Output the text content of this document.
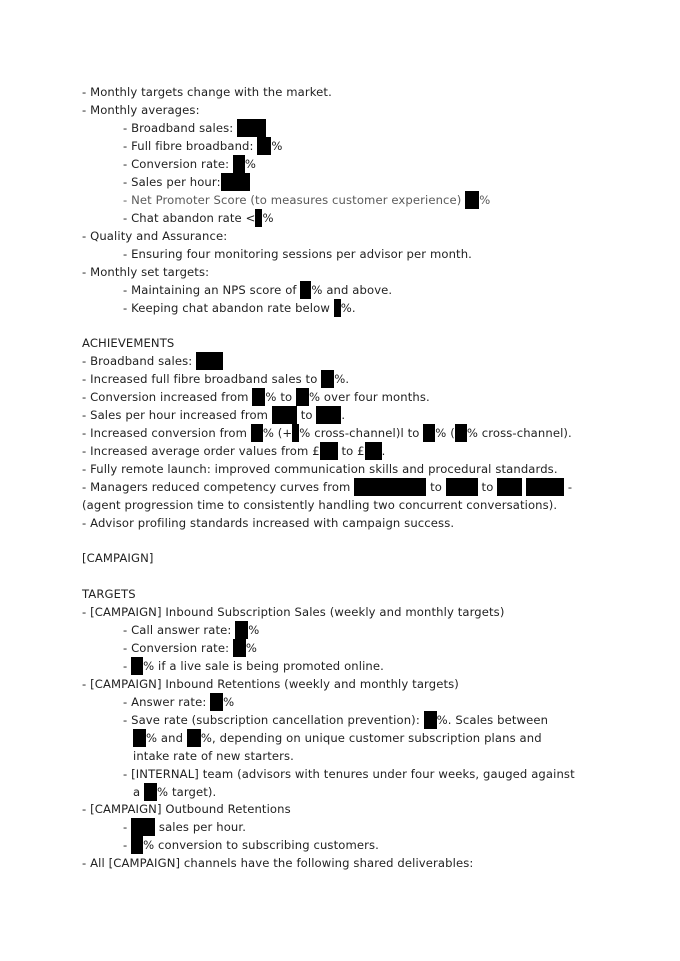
- Monthly targets change with the market.
- Monthly averages:
- Broadband sales:
- Full fibre broadband: %
- Conversion rate: %
- Sales per hour:
- Net Promoter Score (to measures customer experience) %
- Chat abandon rate < %
- Quality and Assurance:
- Ensuring four monitoring sessions per advisor per month.
- Monthly set targets:
- Maintaining an NPS score of % and above.
- Keeping chat abandon rate below %.
ACHIEVEMENTS
- Broadband sales:
- Increased full fibre broadband sales to %.
- Conversion increased from % to % over four months.
- Sales per hour increased from  to .
- Increased conversion from % (+ % cross-channel)l to % ( % cross-channel).
- Increased average order values from £ to £ .
- Fully remote launch: improved communication skills and procedural standards.
- Managers reduced competency curves from	to	to	-
(agent progression time to consistently handling two concurrent conversations).
- Advisor profiling standards increased with campaign success.
[CAMPAIGN]
TARGETS
- [CAMPAIGN] Inbound Subscription Sales (weekly and monthly targets)
- Call answer rate: %
- Conversion rate: %
- % if a live sale is being promoted online.
- [CAMPAIGN] Inbound Retentions (weekly and monthly targets)
- Answer rate: %
- Save rate (subscription cancellation prevention): %. Scales between
% and %, depending on unique customer subscription plans and
intake rate of new starters.
- [INTERNAL] team (advisors with tenures under four weeks, gauged against
a % target).
- [CAMPAIGN] Outbound Retentions
-  sales per hour.
- % conversion to subscribing customers.
- All [CAMPAIGN] channels have the following shared deliverables:
